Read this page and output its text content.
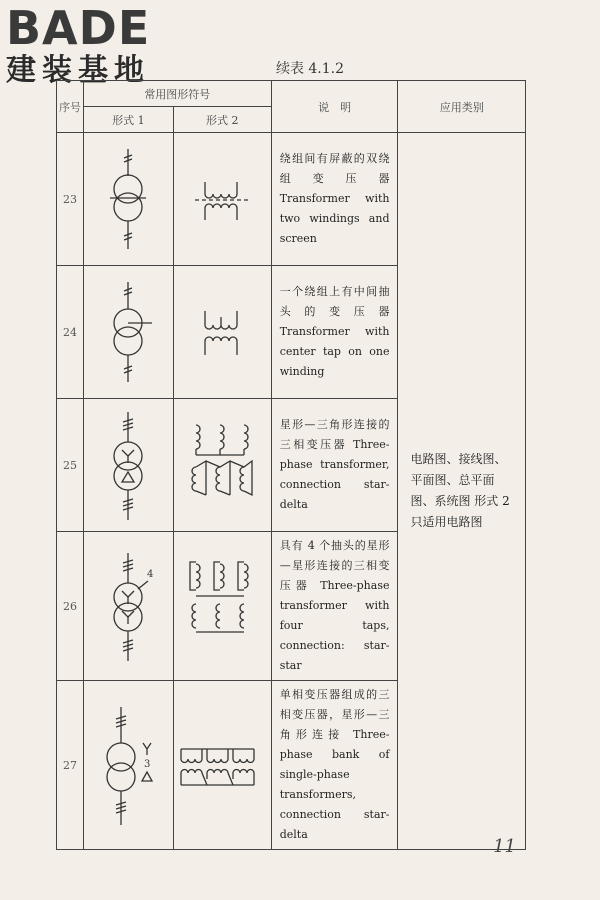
BADE
建装基地	续表 4.1.2
序号	常用图形符号		说　明	应用类别
	形式 1	形式 2		
23			绕组间有屏蔽的双绕组变压器 Transformer with two windings and screen	电路图、接线图、平面图、总平面图、系统图 形式 2 只适用电路图
24			一个绕组上有中间抽头的变压器 Transformer with center tap on one winding	
25			星形—三角形连接的三相变压器 Three-phase transformer, connection star-delta	
26	4		具有 4 个抽头的星形—星形连接的三相变压器 Three-phase transformer with four taps, connection: star-star	
27	3		单相变压器组成的三相变压器，星形—三角形连接 Three-phase bank of single-phase transformers, connection star-delta	
11
